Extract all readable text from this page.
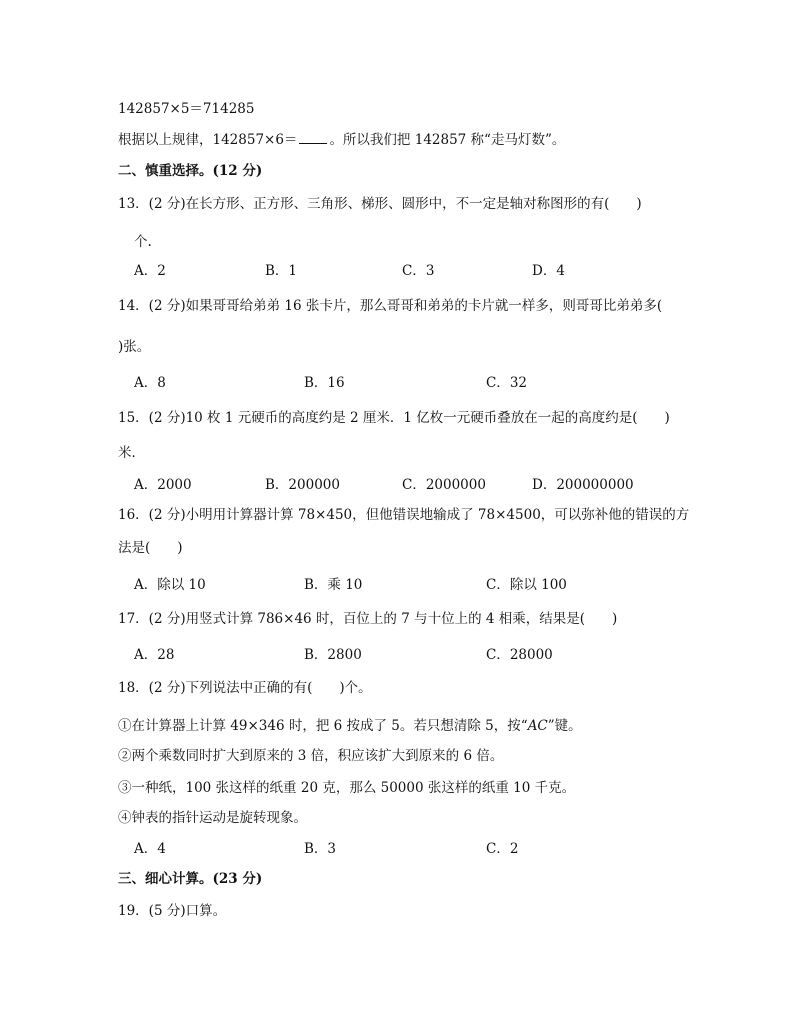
142857×5＝714285
根据以上规律，142857×6＝ 。所以我们把 142857 称“走马灯数”。
二、慎重选择。(12 分)
13．(2 分)在长方形、正方形、三角形、梯形、圆形中，不一定是轴对称图形的有(　　)
个.
A．2	B．1	C．3	D．4
14．(2 分)如果哥哥给弟弟 16 张卡片，那么哥哥和弟弟的卡片就一样多，则哥哥比弟弟多(
)张。
A．8	B．16	C．32
15．(2 分)10 枚 1 元硬币的高度约是 2 厘米．1 亿枚一元硬币叠放在一起的高度约是(　　)
米．
A．2000	B．200000	C．2000000	D．200000000
16．(2 分)小明用计算器计算 78×450，但他错误地输成了 78×4500，可以弥补他的错误的方
法是(　　)
A．除以 10	B．乘 10	C．除以 100
17．(2 分)用竖式计算 786×46 时，百位上的 7 与十位上的 4 相乘，结果是(　　)
A．28	B．2800	C．28000
18．(2 分)下列说法中正确的有(　　)个。
①在计算器上计算 49×346 时，把 6 按成了 5。若只想清除 5，按“AC”键。
②两个乘数同时扩大到原来的 3 倍，积应该扩大到原来的 6 倍。
③一种纸，100 张这样的纸重 20 克，那么 50000 张这样的纸重 10 千克。
④钟表的指针运动是旋转现象。
A．4	B．3	C．2
三、细心计算。(23 分)
19．(5 分)口算。
